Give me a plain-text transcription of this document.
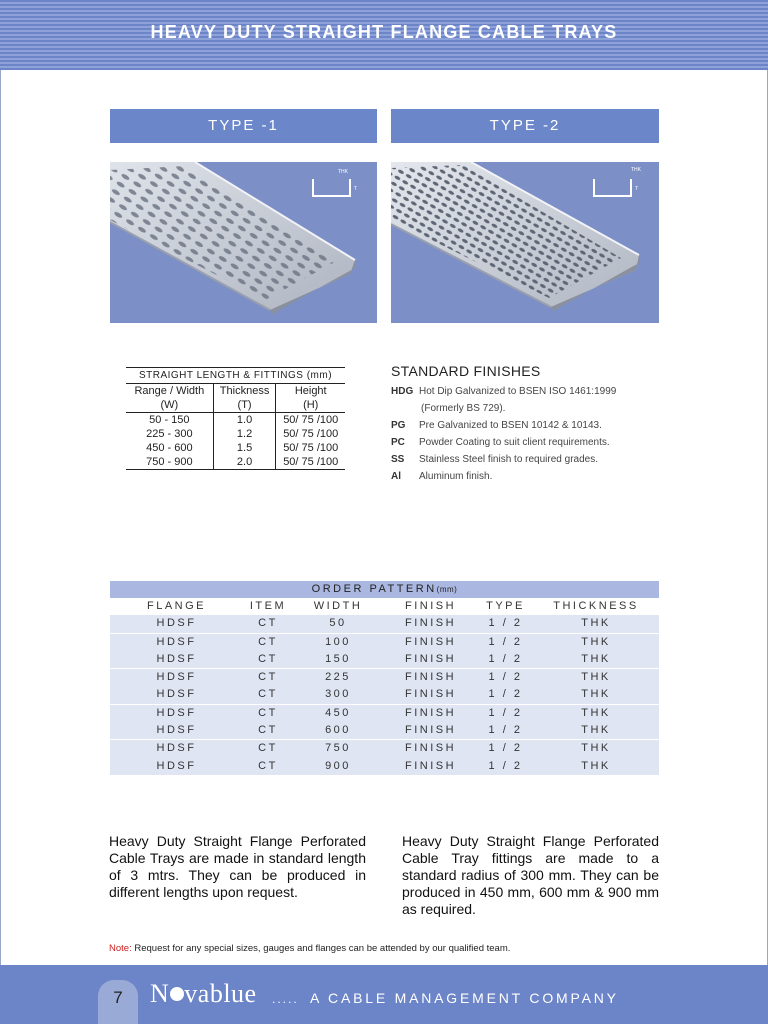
HEAVY DUTY STRAIGHT FLANGE CABLE TRAYS
TYPE -1	TYPE -2
THK
T
THK
T
STRAIGHT LENGTH & FITTINGS (mm)		
Range / Width	Thickness	Height
(W)	(T)	(H)
50 - 150	1.0	50/ 75 /100
225 - 300	1.2	50/ 75 /100
450 - 600	1.5	50/ 75 /100
750 - 900	2.0	50/ 75 /100
STANDARD FINISHES
HDG Hot Dip Galvanized to BSEN ISO 1461:1999
(Formerly BS 729).
PG	Pre Galvanized to BSEN 10142 & 10143.
PC	Powder Coating to suit client requirements.
SS	Stainless Steel finish to required grades.
Al	Aluminum finish.
ORDER PATTERN(mm)
FLANGE	ITEM	WIDTH	FINISH	TYPE	THICKNESS
HDSF	CT	50	FINISH	1 / 2	THK
HDSF	CT	100	FINISH	1 / 2	THK
HDSF	CT	150	FINISH	1 / 2	THK
HDSF	CT	225	FINISH	1 / 2	THK
HDSF	CT	300	FINISH	1 / 2	THK
HDSF	CT	450	FINISH	1 / 2	THK
HDSF	CT	600	FINISH	1 / 2	THK
HDSF	CT	750	FINISH	1 / 2	THK
HDSF	CT	900	FINISH	1 / 2	THK
Heavy Duty Straight Flange Perforated Cable Trays are made in standard length of 3 mtrs. They can be produced in different lengths upon request.
Heavy Duty Straight Flange Perforated Cable Tray fittings are made to a standard radius of 300 mm. They can be produced in 450 mm, 600 mm & 900 mm as required.
Note: Request for any special sizes, gauges and flanges can be attended by our qualified team.
7	N vablue ..... A CABLE MANAGEMENT COMPANY
